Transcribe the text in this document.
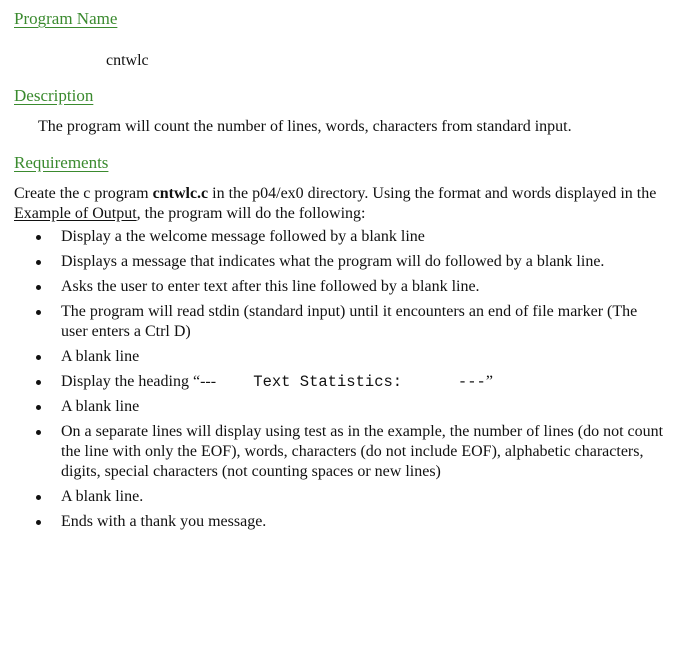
Program Name

cntwlc

Description

The program will count the number of lines, words, characters from standard input.

Requirements

Create the c program cntwlc.c in the p04/ex0 directory. Using the format and words displayed in the Example of Output, the program will do the following:

Display a the welcome message followed by a blank line
Displays a message that indicates what the program will do followed by a blank line.
Asks the user to enter text after this line followed by a blank line.
The program will read stdin (standard input) until it encounters an end of file marker (The user enters a Ctrl D)
A blank line
Display the heading “---    Text Statistics:      ---”
A blank line
On a separate lines will display using test as in the example, the number of lines (do not count the line with only the EOF), words, characters (do not include EOF), alphabetic characters, digits, special characters (not counting spaces or new lines)
A blank line.
Ends with a thank you message.
